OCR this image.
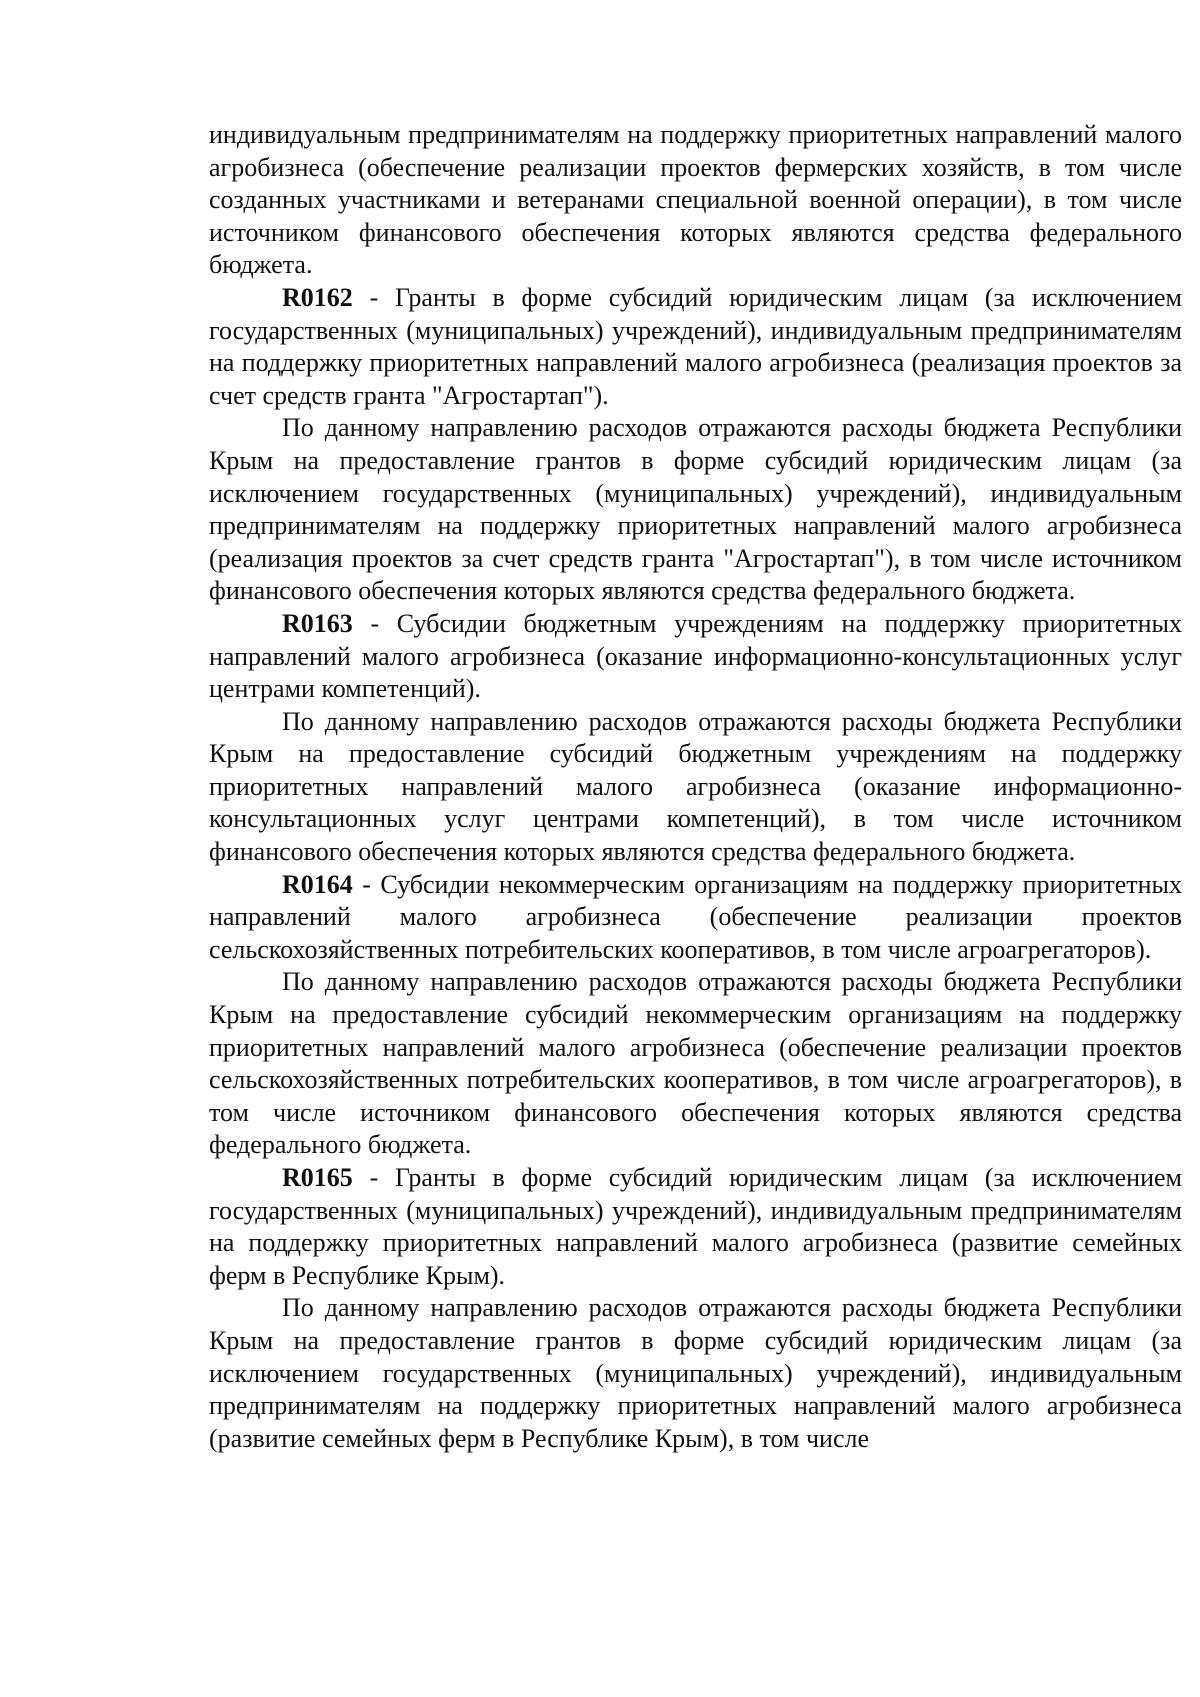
индивидуальным предпринимателям на поддержку приоритетных направлений малого агробизнеса (обеспечение реализации проектов фермерских хозяйств, в том числе созданных участниками и ветеранами специальной военной операции), в том числе источником финансового обеспечения которых являются средства федерального бюджета.

R0162 - Гранты в форме субсидий юридическим лицам (за исключением государственных (муниципальных) учреждений), индивидуальным предпринимателям на поддержку приоритетных направлений малого агробизнеса (реализация проектов за счет средств гранта "Агростартап").

По данному направлению расходов отражаются расходы бюджета Республики Крым на предоставление грантов в форме субсидий юридическим лицам (за исключением государственных (муниципальных) учреждений), индивидуальным предпринимателям на поддержку приоритетных направлений малого агробизнеса (реализация проектов за счет средств гранта "Агростартап"), в том числе источником финансового обеспечения которых являются средства федерального бюджета.

R0163 - Субсидии бюджетным учреждениям на поддержку приоритетных направлений малого агробизнеса (оказание информационно-консультационных услуг центрами компетенций).

По данному направлению расходов отражаются расходы бюджета Республики Крым на предоставление субсидий бюджетным учреждениям на поддержку приоритетных направлений малого агробизнеса (оказание информационно-консультационных услуг центрами компетенций), в том числе источником финансового обеспечения которых являются средства федерального бюджета.

R0164 - Субсидии некоммерческим организациям на поддержку приоритетных направлений малого агробизнеса (обеспечение реализации проектов сельскохозяйственных потребительских кооперативов, в том числе агроагрегаторов).

По данному направлению расходов отражаются расходы бюджета Республики Крым на предоставление субсидий некоммерческим организациям на поддержку приоритетных направлений малого агробизнеса (обеспечение реализации проектов сельскохозяйственных потребительских кооперативов, в том числе агроагрегаторов), в том числе источником финансового обеспечения которых являются средства федерального бюджета.

R0165 - Гранты в форме субсидий юридическим лицам (за исключением государственных (муниципальных) учреждений), индивидуальным предпринимателям на поддержку приоритетных направлений малого агробизнеса (развитие семейных ферм в Республике Крым).

По данному направлению расходов отражаются расходы бюджета Республики Крым на предоставление грантов в форме субсидий юридическим лицам (за исключением государственных (муниципальных) учреждений), индивидуальным предпринимателям на поддержку приоритетных направлений малого агробизнеса (развитие семейных ферм в Республике Крым), в том числе
